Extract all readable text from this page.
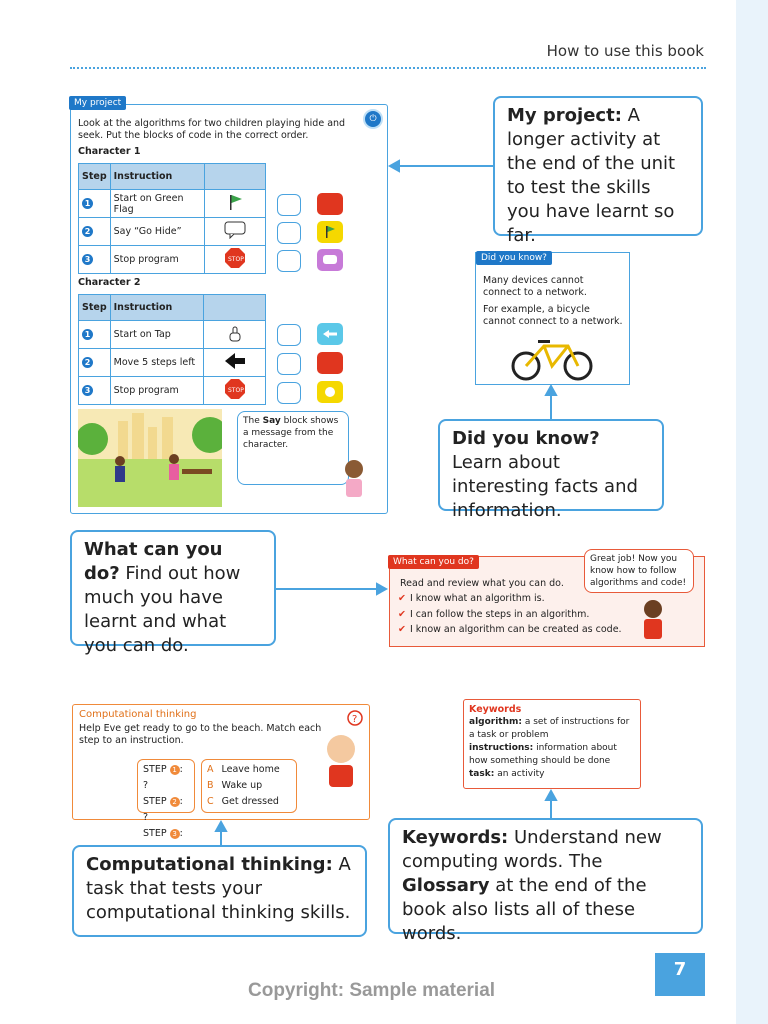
How to use this book
My project
⏻
Look at the algorithms for two children playing hide and seek. Put the blocks of code in the correct order.
Character 1
Step	Instruction	
1	Start on Green Flag	
2	Say “Go Hide”	
3	Stop program	STOP
Character 2
Step	Instruction	
1	Start on Tap	
2	Move 5 steps left	
3	Stop program	STOP
The Say block shows a message from the character.
My project: A longer activity at the end of the unit to test the skills you have learnt so far.
Did you know?
Many devices cannot connect to a network.
For example, a bicycle cannot connect to a network.
Did you know? Learn about interesting facts and information.
What can you do? Find out how much you have learnt and what you can do.
What can you do?
Read and review what you can do.
✔ I know what an algorithm is.
✔ I can follow the steps in an algorithm.
✔ I know an algorithm can be created as code.
Great job! Now you know how to follow algorithms and code!
Computational thinking
Help Eve get ready to go to the beach. Match each step to an instruction.
STEP 1 : ?
STEP 2 : ?
STEP 3 :
A Leave home
B Wake up
C Get dressed
?
Computational thinking: A task that tests your computational thinking skills.
Keywords
algorithm: a set of instructions for a task or problem
instructions: information about how something should be done
task: an activity
Keywords: Understand new computing words. The Glossary at the end of the book also lists all of these words.
7
Copyright: Sample material
